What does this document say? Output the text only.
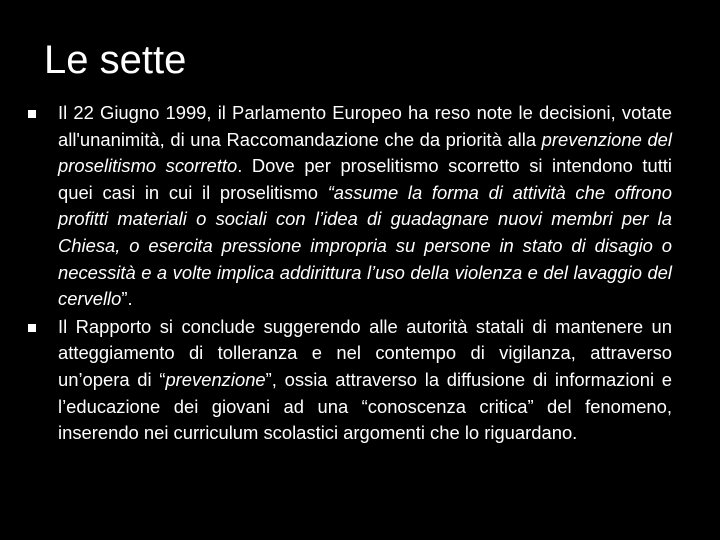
Le sette
Il 22 Giugno 1999, il Parlamento Europeo ha reso note le decisioni, votate all'unanimità, di una Raccomandazione che da priorità alla prevenzione del proselitismo scorretto. Dove per proselitismo scorretto si intendono tutti quei casi in cui il proselitismo “assume la forma di attività che offrono profitti materiali o sociali con l’idea di guadagnare nuovi membri per la Chiesa, o esercita pressione impropria su persone in stato di disagio o necessità e a volte implica addirittura l’uso della violenza e del lavaggio del cervello”.
Il Rapporto si conclude suggerendo alle autorità statali di mantenere un atteggiamento di tolleranza e nel contempo di vigilanza, attraverso un’opera di “prevenzione”, ossia attraverso la diffusione di informazioni e l’educazione dei giovani ad una “conoscenza critica” del fenomeno, inserendo nei curriculum scolastici argomenti che lo riguardano.
